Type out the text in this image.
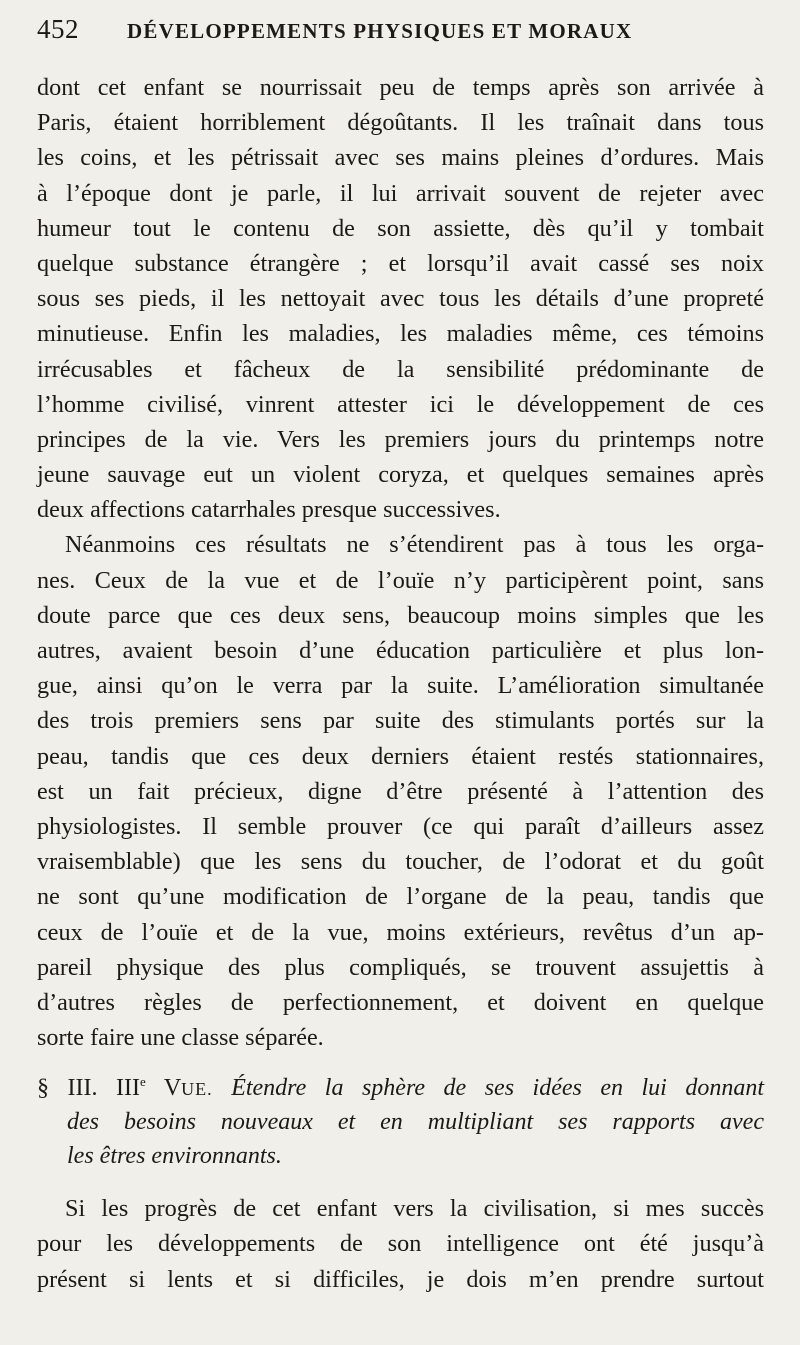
452	DÉVELOPPEMENTS PHYSIQUES ET MORAUX
dont cet enfant se nourrissait peu de temps après son arrivée à
Paris, étaient horriblement dégoûtants. Il les traînait dans tous
les coins, et les pétrissait avec ses mains pleines d’ordures. Mais
à l’époque dont je parle, il lui arrivait souvent de rejeter avec
humeur tout le contenu de son assiette, dès qu’il y tombait
quelque substance étrangère ; et lorsqu’il avait cassé ses noix
sous ses pieds, il les nettoyait avec tous les détails d’une propreté
minutieuse. Enfin les maladies, les maladies même, ces témoins
irrécusables et fâcheux de la sensibilité prédominante de
l’homme civilisé, vinrent attester ici le développement de ces
principes de la vie. Vers les premiers jours du printemps notre
jeune sauvage eut un violent coryza, et quelques semaines après
deux affections catarrhales presque successives.
Néanmoins ces résultats ne s’étendirent pas à tous les orga-
nes. Ceux de la vue et de l’ouïe n’y participèrent point, sans
doute parce que ces deux sens, beaucoup moins simples que les
autres, avaient besoin d’une éducation particulière et plus lon-
gue, ainsi qu’on le verra par la suite. L’amélioration simultanée
des trois premiers sens par suite des stimulants portés sur la
peau, tandis que ces deux derniers étaient restés stationnaires,
est un fait précieux, digne d’être présenté à l’attention des
physiologistes. Il semble prouver (ce qui paraît d’ailleurs assez
vraisemblable) que les sens du toucher, de l’odorat et du goût
ne sont qu’une modification de l’organe de la peau, tandis que
ceux de l’ouïe et de la vue, moins extérieurs, revêtus d’un ap-
pareil physique des plus compliqués, se trouvent assujettis à
d’autres règles de perfectionnement, et doivent en quelque
sorte faire une classe séparée.
§ III. IIIe VUE. Étendre la sphère de ses idées en lui donnant
des besoins nouveaux et en multipliant ses rapports avec
les êtres environnants.
Si les progrès de cet enfant vers la civilisation, si mes succès
pour les développements de son intelligence ont été jusqu’à
présent si lents et si difficiles, je dois m’en prendre surtout
